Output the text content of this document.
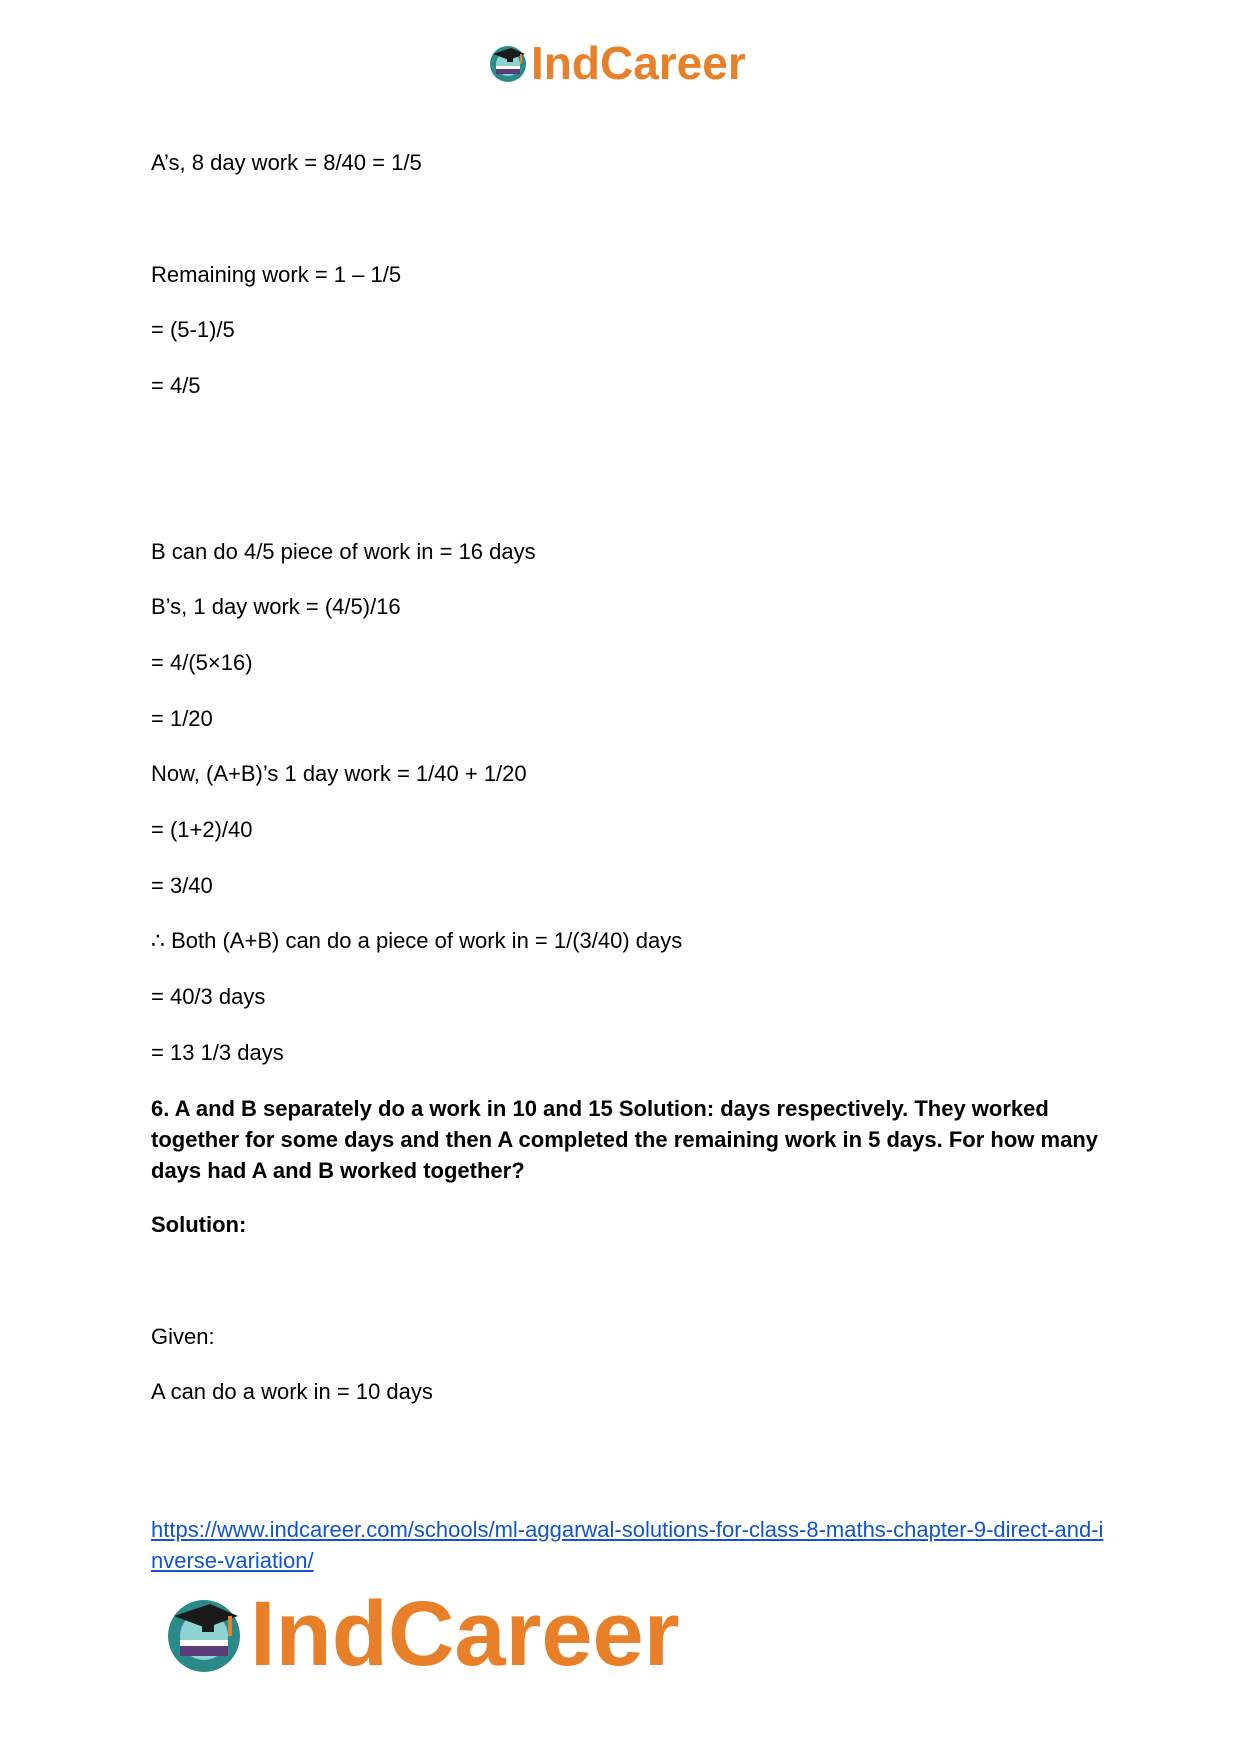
IndCareer
A’s, 8 day work = 8/40 = 1/5
Remaining work = 1 – 1/5
= (5-1)/5
= 4/5
B can do 4/5 piece of work in = 16 days
B’s, 1 day work = (4/5)/16
= 4/(5×16)
= 1/20
Now, (A+B)’s 1 day work = 1/40 + 1/20
= (1+2)/40
= 3/40
∴ Both (A+B) can do a piece of work in = 1/(3/40) days
= 40/3 days
= 13 1/3 days
6. A and B separately do a work in 10 and 15 Solution: days respectively. They worked together for some days and then A completed the remaining work in 5 days. For how many days had A and B worked together?
Solution:
Given:
A can do a work in = 10 days
https://www.indcareer.com/schools/ml-aggarwal-solutions-for-class-8-maths-chapter-9-direct-and-inverse-variation/
IndCareer
